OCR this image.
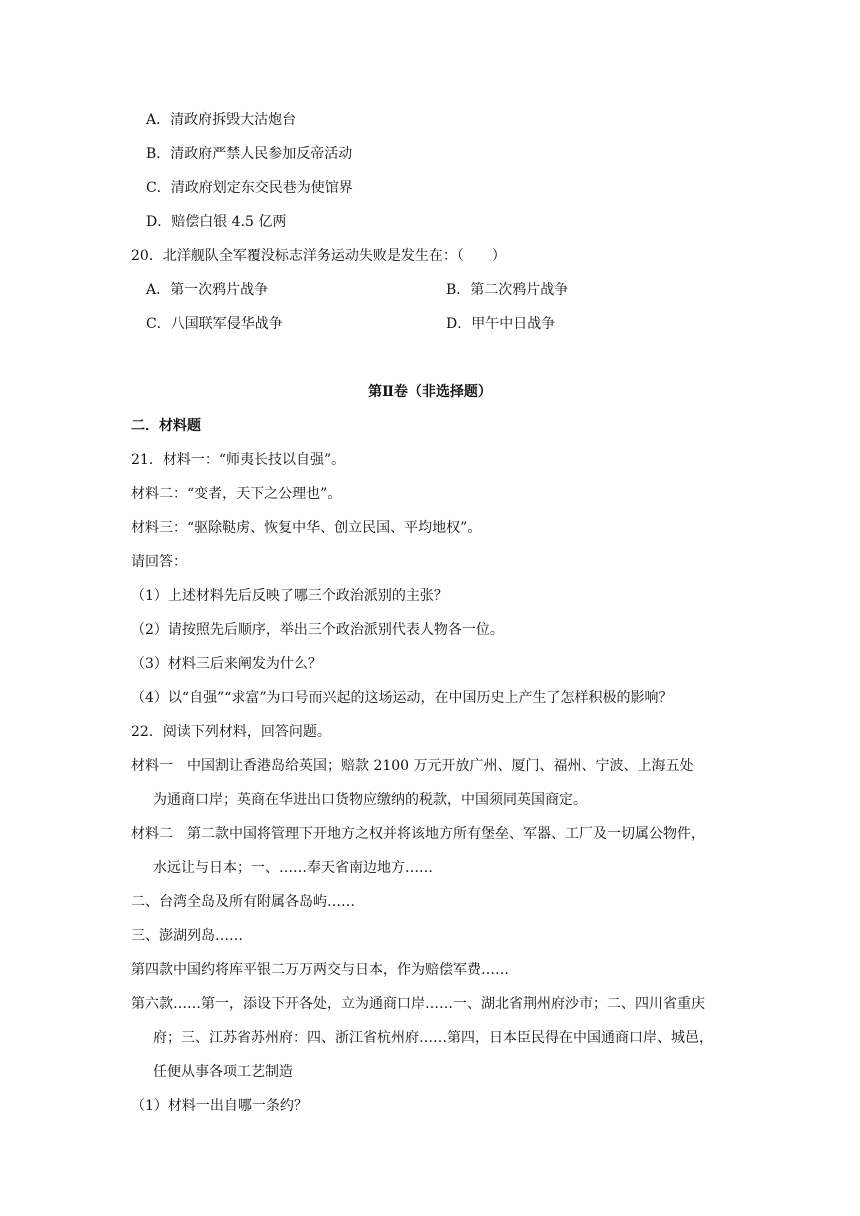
A．清政府拆毁大沽炮台
B．清政府严禁人民参加反帝活动
C．清政府划定东交民巷为使馆界
D．赔偿白银 4.5 亿两
20．北洋舰队全军覆没标志洋务运动失败是发生在：（　　）
A．第一次鸦片战争	B．第二次鸦片战争
C．八国联军侵华战争	D．甲午中日战争
第Ⅱ卷（非选择题）
二．材料题
21．材料一：“师夷长技以自强”。
材料二：“变者，天下之公理也”。
材料三：“驱除鞑虏、恢复中华、创立民国、平均地权”。
请回答：
（1）上述材料先后反映了哪三个政治派别的主张？
（2）请按照先后顺序，举出三个政治派别代表人物各一位。
（3）材料三后来阐发为什么？
（4）以“自强”“求富”为口号而兴起的这场运动，在中国历史上产生了怎样积极的影响？
22．阅读下列材料，回答问题。
材料一　中国割让香港岛给英国；赔款 2100 万元开放广州、厦门、福州、宁波、上海五处
为通商口岸；英商在华进出口货物应缴纳的税款，中国须同英国商定。
材料二　第二款中国将管理下开地方之权并将该地方所有堡垒、军器、工厂及一切属公物件，
水远让与日本；一、……奉天省南边地方……
二、台湾全岛及所有附属各岛屿……
三、澎湖列岛……
第四款中国约将库平银二万万两交与日本，作为赔偿军费……
第六款……第一，添设下开各处，立为通商口岸……一、湖北省荆州府沙市；二、四川省重庆
府；三、江苏省苏州府：四、浙江省杭州府……第四，日本臣民得在中国通商口岸、城邑，
任便从事各项工艺制造
（1）材料一出自哪一条约？
